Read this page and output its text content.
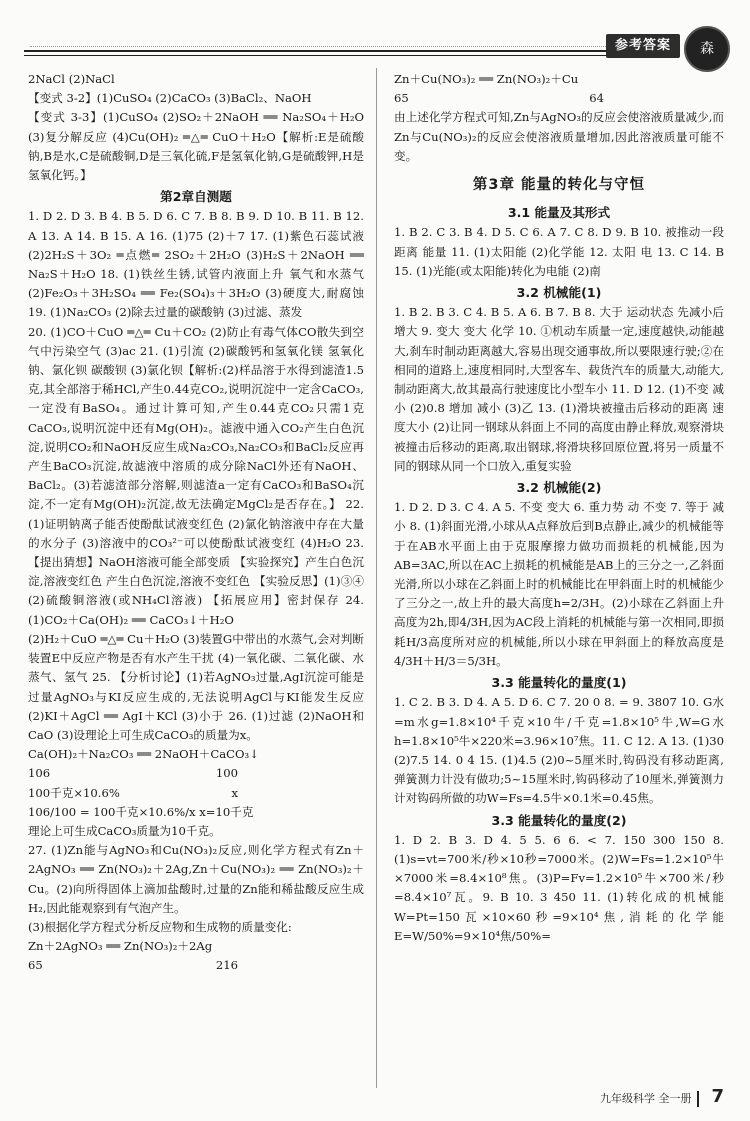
参考答案	森

2NaCl (2)NaCl

【变式 3-2】(1)CuSO₄ (2)CaCO₃ (3)BaCl₂、NaOH

【变式 3-3】(1)CuSO₄ (2)SO₂＋2NaOH ══ Na₂SO₄＋H₂O (3)复分解反应 (4)Cu(OH)₂ ═△═ CuO＋H₂O【解析:E是硫酸钠,B是水,C是硫酸铜,D是三氧化硫,F是氢氧化钠,G是硫酸钾,H是氢氧化钙。】

第2章自测题

1. D 2. D 3. B 4. B 5. D 6. C 7. B 8. B 9. D 10. B 11. B 12. A 13. A 14. B 15. A 16. (1)75 (2)＋7 17. (1)紫色石蕊试液 (2)2H₂S＋3O₂ ═点燃═ 2SO₂＋2H₂O (3)H₂S＋2NaOH ══ Na₂S＋H₂O 18. (1)铁丝生锈,试管内液面上升 氧气和水蒸气 (2)Fe₂O₃＋3H₂SO₄ ══ Fe₂(SO₄)₃＋3H₂O (3)硬度大,耐腐蚀 19. (1)Na₂CO₃ (2)除去过量的碳酸钠 (3)过滤、蒸发

20. (1)CO＋CuO ═△═ Cu＋CO₂ (2)防止有毒气体CO散失到空气中污染空气 (3)ac 21. (1)引流 (2)碳酸钙和氢氧化镁 氢氧化钠、氯化钡 碳酸钡 (3)氯化钡【解析:(2)样品溶于水得到滤渣1.5克,其全部溶于稀HCl,产生0.44克CO₂,说明沉淀中一定含CaCO₃,一定没有BaSO₄。通过计算可知,产生0.44克CO₂只需1克CaCO₃,说明沉淀中还有Mg(OH)₂。滤液中通入CO₂产生白色沉淀,说明CO₂和NaOH反应生成Na₂CO₃,Na₂CO₃和BaCl₂反应再产生BaCO₃沉淀,故滤液中溶质的成分除NaCl外还有NaOH、BaCl₂。(3)若滤渣部分溶解,则滤渣a一定有CaCO₃和BaSO₄沉淀,不一定有Mg(OH)₂沉淀,故无法确定MgCl₂是否存在。】 22. (1)证明钠离子能否使酚酞试液变红色 (2)氯化钠溶液中存在大量的水分子 (3)溶液中的CO₃²⁻可以使酚酞试液变红 (4)H₂O 23. 【提出猜想】NaOH溶液可能全部变质 【实验探究】产生白色沉淀,溶液变红色 产生白色沉淀,溶液不变红色 【实验反思】(1)③④ (2)硫酸铜溶液(或NH₄Cl溶液) 【拓展应用】密封保存 24. (1)CO₂＋Ca(OH)₂ ══ CaCO₃↓＋H₂O

(2)H₂＋CuO ═△═ Cu＋H₂O (3)装置G中带出的水蒸气,会对判断装置E中反应产物是否有水产生干扰 (4)一氧化碳、二氧化碳、水蒸气、氢气 25. 【分析讨论】(1)若AgNO₃过量,AgI沉淀可能是过量AgNO₃与KI反应生成的,无法说明AgCl与KI能发生反应 (2)KI＋AgCl ══ AgI＋KCl (3)小于 26. (1)过滤 (2)NaOH和CaO (3)设理论上可生成CaCO₃的质量为x。

Ca(OH)₂＋Na₂CO₃ ══ 2NaOH＋CaCO₃↓

106	100
100千克×10.6%	x

106/100 = 100千克×10.6%/x x=10千克

理论上可生成CaCO₃质量为10千克。

27. (1)Zn能与AgNO₃和Cu(NO₃)₂反应,则化学方程式有Zn＋2AgNO₃ ══ Zn(NO₃)₂＋2Ag,Zn＋Cu(NO₃)₂ ══ Zn(NO₃)₂＋Cu。(2)向所得固体上滴加盐酸时,过量的Zn能和稀盐酸反应生成H₂,因此能观察到有气泡产生。

(3)根据化学方程式分析反应物和生成物的质量变化:

Zn＋2AgNO₃ ══ Zn(NO₃)₂＋2Ag

65	216

Zn＋Cu(NO₃)₂ ══ Zn(NO₃)₂＋Cu

65	64

由上述化学方程式可知,Zn与AgNO₃的反应会使溶液质量减少,而Zn与Cu(NO₃)₂的反应会使溶液质量增加,因此溶液质量可能不变。

第3章 能量的转化与守恒
3.1 能量及其形式

1. B 2. C 3. B 4. D 5. C 6. A 7. C 8. D 9. B 10. 被推动一段距离 能量 11. (1)太阳能 (2)化学能 12. 太阳 电 13. C 14. B 15. (1)光能(或太阳能)转化为电能 (2)南

3.2 机械能(1)

1. B 2. B 3. C 4. B 5. A 6. B 7. B 8. 大于 运动状态 先减小后增大 9. 变大 变大 化学 10. ①机动车质量一定,速度越快,动能越大,刹车时制动距离越大,容易出现交通事故,所以要限速行驶;②在相同的道路上,速度相同时,大型客车、载货汽车的质量大,动能大,制动距离大,故其最高行驶速度比小型车小 11. D 12. (1)不变 减小 (2)0.8 增加 减小 (3)乙 13. (1)滑块被撞击后移动的距离 速度大小 (2)让同一钢球从斜面上不同的高度由静止释放,观察滑块被撞击后移动的距离,取出钢球,将滑块移回原位置,将另一质量不同的钢球从同一个口放入,重复实验

3.2 机械能(2)

1. D 2. D 3. C 4. A 5. 不变 变大 6. 重力势 动 不变 7. 等于 减小 8. (1)斜面光滑,小球从A点释放后到B点静止,减少的机械能等于在AB水平面上由于克服摩擦力做功而损耗的机械能,因为AB=3AC,所以在AC上损耗的机械能是AB上的三分之一,乙斜面光滑,所以小球在乙斜面上时的机械能比在甲斜面上时的机械能少了三分之一,故上升的最大高度h=2/3H。(2)小球在乙斜面上升高度为2h,即4/3H,因为AC段上消耗的机械能与第一次相同,即损耗H/3高度所对应的机械能,所以小球在甲斜面上的释放高度是4/3H＋H/3＝5/3H。

3.3 能量转化的量度(1)

1. C 2. B 3. D 4. A 5. D 6. C 7. 20 0 8. = 9. 3807 10. G水=m水g=1.8×10⁴千克×10牛/千克=1.8×10⁵牛,W=G水h=1.8×10⁵牛×220米=3.96×10⁷焦。11. C 12. A 13. (1)30 (2)7.5 14. 0 4 15. (1)4.5 (2)0~5厘米时,钩码没有移动距离,弹簧测力计没有做功;5~15厘米时,钩码移动了10厘米,弹簧测力计对钩码所做的功W=Fs=4.5牛×0.1米=0.45焦。

3.3 能量转化的量度(2)

1. D 2. B 3. D 4. 5 5. 6 6. < 7. 150 300 150 8. (1)s=vt=700米/秒×10秒=7000米。(2)W=Fs=1.2×10⁵牛×7000米=8.4×10⁸焦。(3)P=Fv=1.2×10⁵牛×700米/秒=8.4×10⁷瓦。9. B 10. 3 450 11. (1)转化成的机械能W=Pt=150瓦×10×60秒=9×10⁴焦,消耗的化学能E=W/50%=9×10⁴焦/50%=

九年级科学 全一册 7
